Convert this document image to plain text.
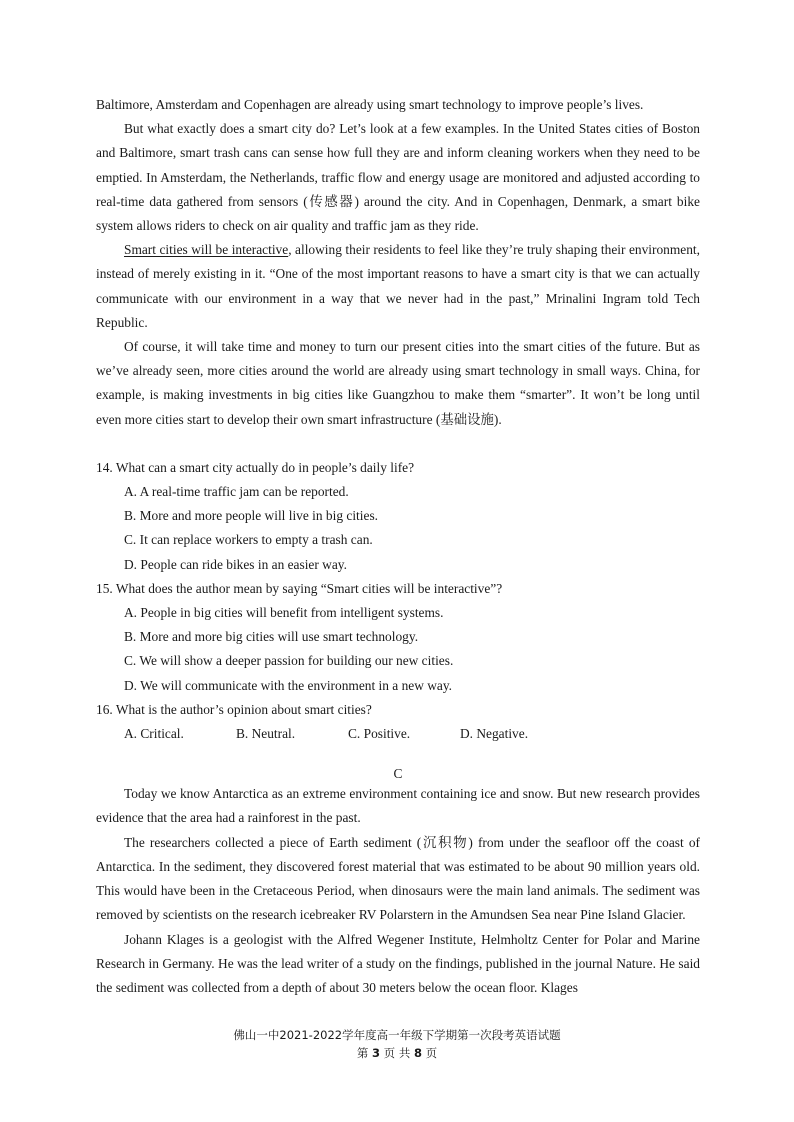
Baltimore, Amsterdam and Copenhagen are already using smart technology to improve people’s lives.

But what exactly does a smart city do? Let’s look at a few examples. In the United States cities of Boston and Baltimore, smart trash cans can sense how full they are and inform cleaning workers when they need to be emptied. In Amsterdam, the Netherlands, traffic flow and energy usage are monitored and adjusted according to real-time data gathered from sensors (传感器) around the city. And in Copenhagen, Denmark, a smart bike system allows riders to check on air quality and traffic jam as they ride.

Smart cities will be interactive, allowing their residents to feel like they’re truly shaping their environment, instead of merely existing in it. “One of the most important reasons to have a smart city is that we can actually communicate with our environment in a way that we never had in the past,” Mrinalini Ingram told Tech Republic.

Of course, it will take time and money to turn our present cities into the smart cities of the future. But as we’ve already seen, more cities around the world are already using smart technology in small ways. China, for example, is making investments in big cities like Guangzhou to make them “smarter”. It won’t be long until even more cities start to develop their own smart infrastructure (基础设施).

14. What can a smart city actually do in people’s daily life?

A. A real-time traffic jam can be reported.

B. More and more people will live in big cities.

C. It can replace workers to empty a trash can.

D. People can ride bikes in an easier way.

15. What does the author mean by saying “Smart cities will be interactive”?

A. People in big cities will benefit from intelligent systems.

B. More and more big cities will use smart technology.

C. We will show a deeper passion for building our new cities.

D. We will communicate with the environment in a new way.

16. What is the author’s opinion about smart cities?

A. Critical.	B. Neutral.	C. Positive.	D. Negative.
C

Today we know Antarctica as an extreme environment containing ice and snow. But new research provides evidence that the area had a rainforest in the past.

The researchers collected a piece of Earth sediment (沉积物) from under the seafloor off the coast of Antarctica. In the sediment, they discovered forest material that was estimated to be about 90 million years old. This would have been in the Cretaceous Period, when dinosaurs were the main land animals. The sediment was removed by scientists on the research icebreaker RV Polarstern in the Amundsen Sea near Pine Island Glacier.

Johann Klages is a geologist with the Alfred Wegener Institute, Helmholtz Center for Polar and Marine Research in Germany. He was the lead writer of a study on the findings, published in the journal Nature. He said the sediment was collected from a depth of about 30 meters below the ocean floor. Klages

佛山一中2021-2022学年度高一年级下学期第一次段考英语试题
第 3 页 共 8 页
